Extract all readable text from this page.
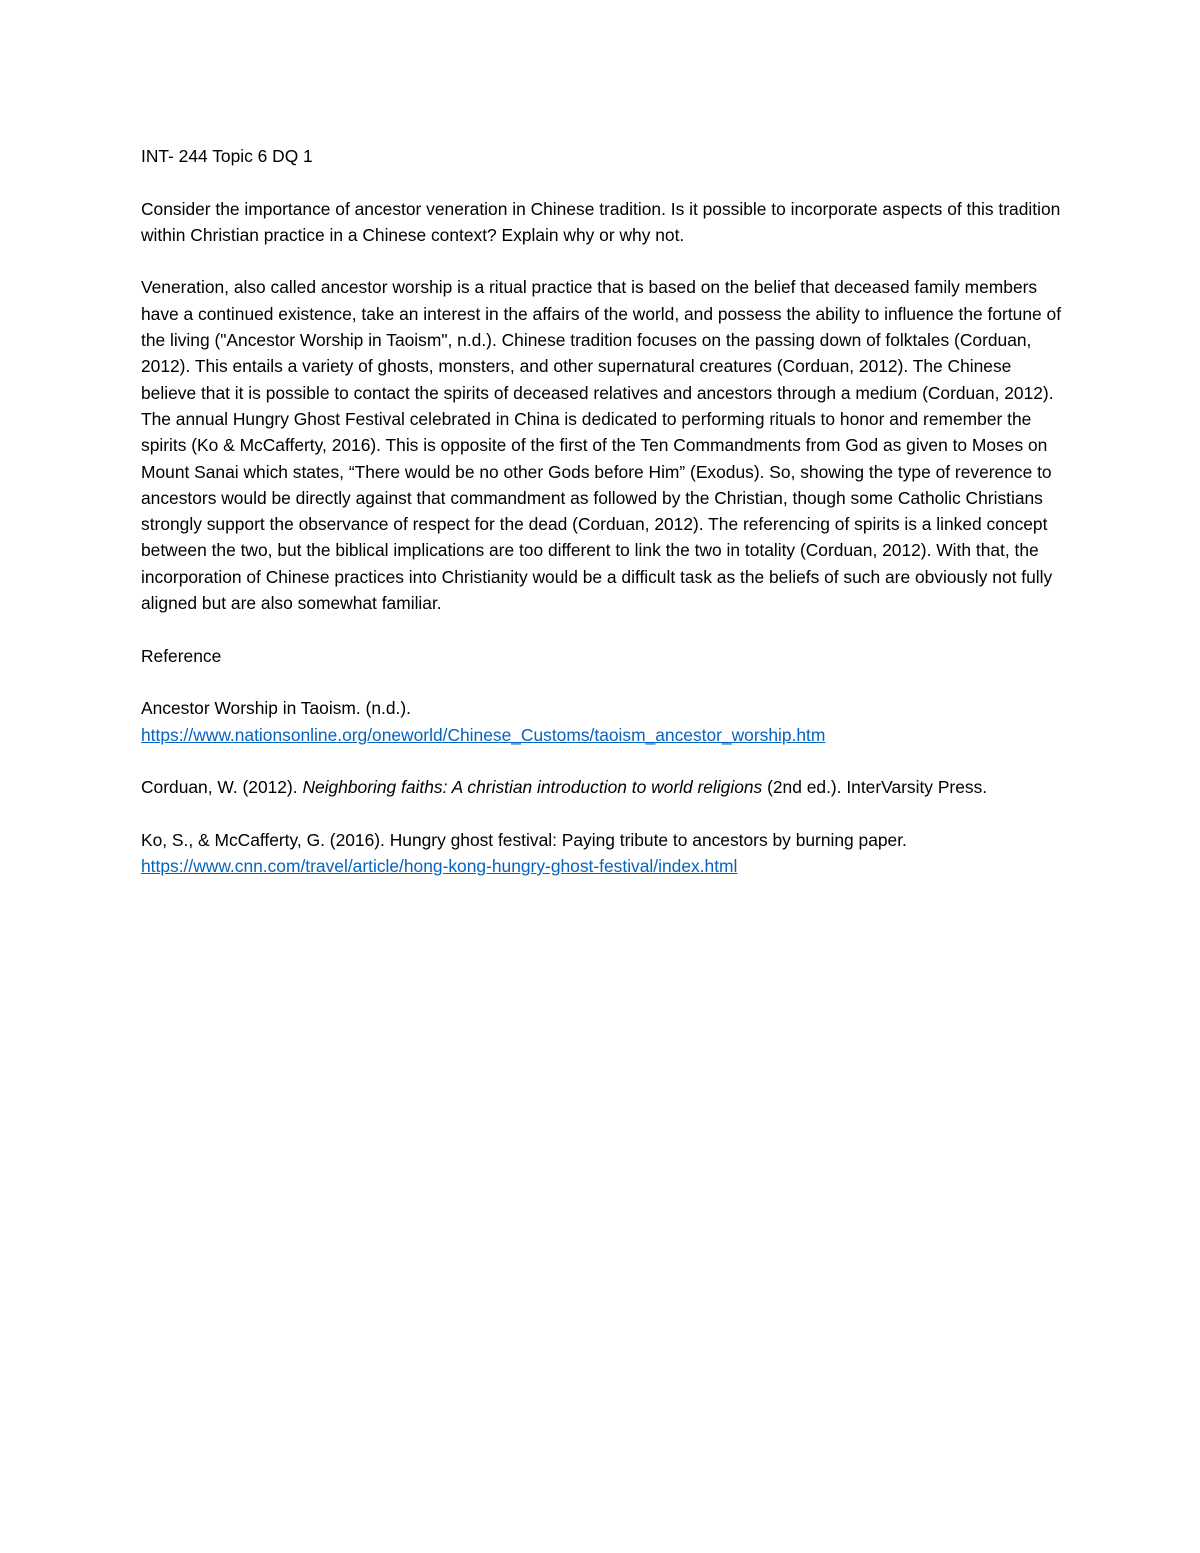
INT- 244 Topic 6 DQ 1

Consider the importance of ancestor veneration in Chinese tradition. Is it possible to incorporate aspects of this tradition within Christian practice in a Chinese context? Explain why or why not.

Veneration, also called ancestor worship is a ritual practice that is based on the belief that deceased family members have a continued existence, take an interest in the affairs of the world, and possess the ability to influence the fortune of the living ("Ancestor Worship in Taoism", n.d.). Chinese tradition focuses on the passing down of folktales (Corduan, 2012). This entails a variety of ghosts, monsters, and other supernatural creatures (Corduan, 2012). The Chinese believe that it is possible to contact the spirits of deceased relatives and ancestors through a medium (Corduan, 2012). The annual Hungry Ghost Festival celebrated in China is dedicated to performing rituals to honor and remember the spirits (Ko & McCafferty, 2016). This is opposite of the first of the Ten Commandments from God as given to Moses on Mount Sanai which states, “There would be no other Gods before Him” (Exodus). So, showing the type of reverence to ancestors would be directly against that commandment as followed by the Christian, though some Catholic Christians strongly support the observance of respect for the dead (Corduan, 2012). The referencing of spirits is a linked concept between the two, but the biblical implications are too different to link the two in totality (Corduan, 2012). With that, the incorporation of Chinese practices into Christianity would be a difficult task as the beliefs of such are obviously not fully aligned but are also somewhat familiar.

Reference

Ancestor Worship in Taoism. (n.d.).

https://www.nationsonline.org/oneworld/Chinese_Customs/taoism_ancestor_worship.htm

Corduan, W. (2012). Neighboring faiths: A christian introduction to world religions (2nd ed.). InterVarsity Press.

Ko, S., & McCafferty, G. (2016). Hungry ghost festival: Paying tribute to ancestors by burning paper.

https://www.cnn.com/travel/article/hong-kong-hungry-ghost-festival/index.html
